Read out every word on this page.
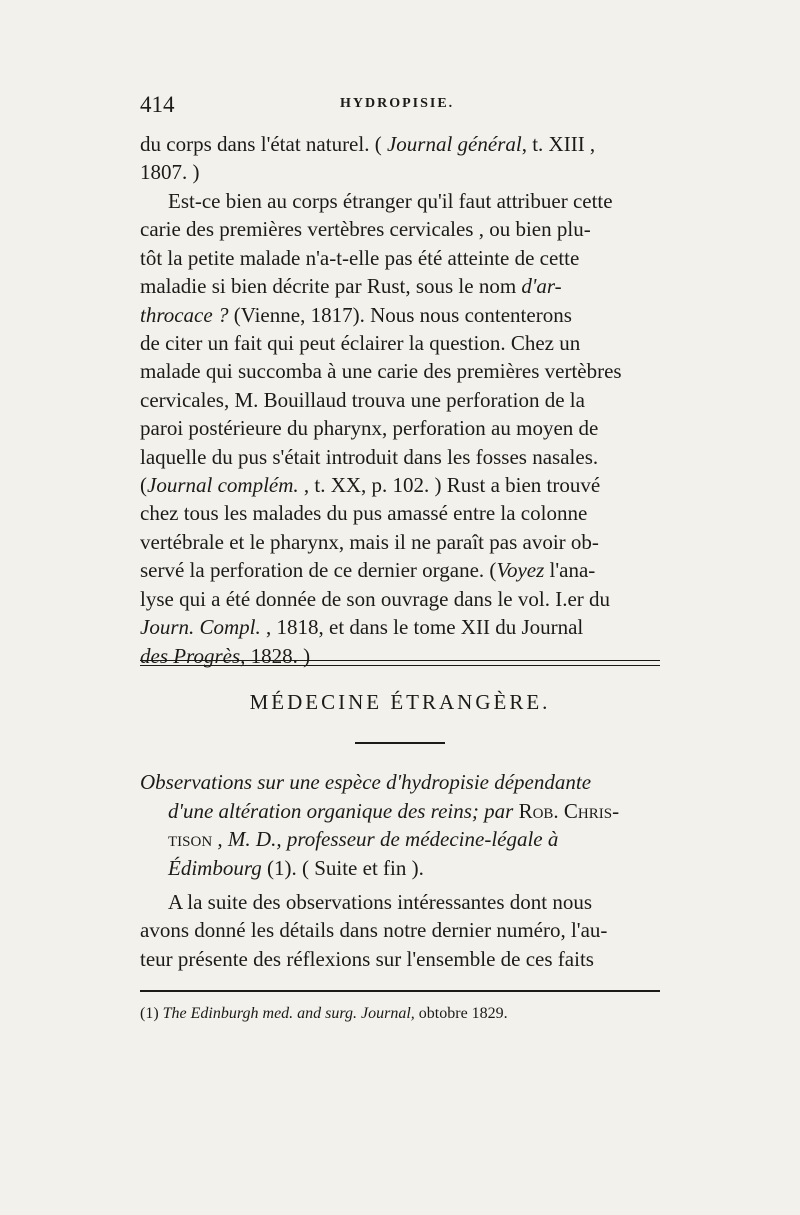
414	HYDROPISIE.

du corps dans l'état naturel. ( Journal général, t. XIII ,
1807. )

Est-ce bien au corps étranger qu'il faut attribuer cette
carie des premières vertèbres cervicales , ou bien plu-
tôt la petite malade n'a-t-elle pas été atteinte de cette
maladie si bien décrite par Rust, sous le nom d'ar-
throcace ? (Vienne, 1817). Nous nous contenterons
de citer un fait qui peut éclairer la question. Chez un
malade qui succomba à une carie des premières vertèbres
cervicales, M. Bouillaud trouva une perforation de la
paroi postérieure du pharynx, perforation au moyen de
laquelle du pus s'était introduit dans les fosses nasales.
(Journal complém. , t. XX, p. 102. ) Rust a bien trouvé
chez tous les malades du pus amassé entre la colonne
vertébrale et le pharynx, mais il ne paraît pas avoir ob-
servé la perforation de ce dernier organe. (Voyez l'ana-
lyse qui a été donnée de son ouvrage dans le vol. I.er du
Journ. Compl. , 1818, et dans le tome XII du Journal
des Progrès, 1828. )

MÉDECINE ÉTRANGÈRE.
Observations sur une espèce d'hydropisie dépendante
d'une altération organique des reins; par Rob. Chris-
tison , M. D., professeur de médecine-légale à
Édimbourg (1). ( Suite et fin ).

A la suite des observations intéressantes dont nous
avons donné les détails dans notre dernier numéro, l'au-
teur présente des réflexions sur l'ensemble de ces faits

(1) The Edinburgh med. and surg. Journal, obtobre 1829.
